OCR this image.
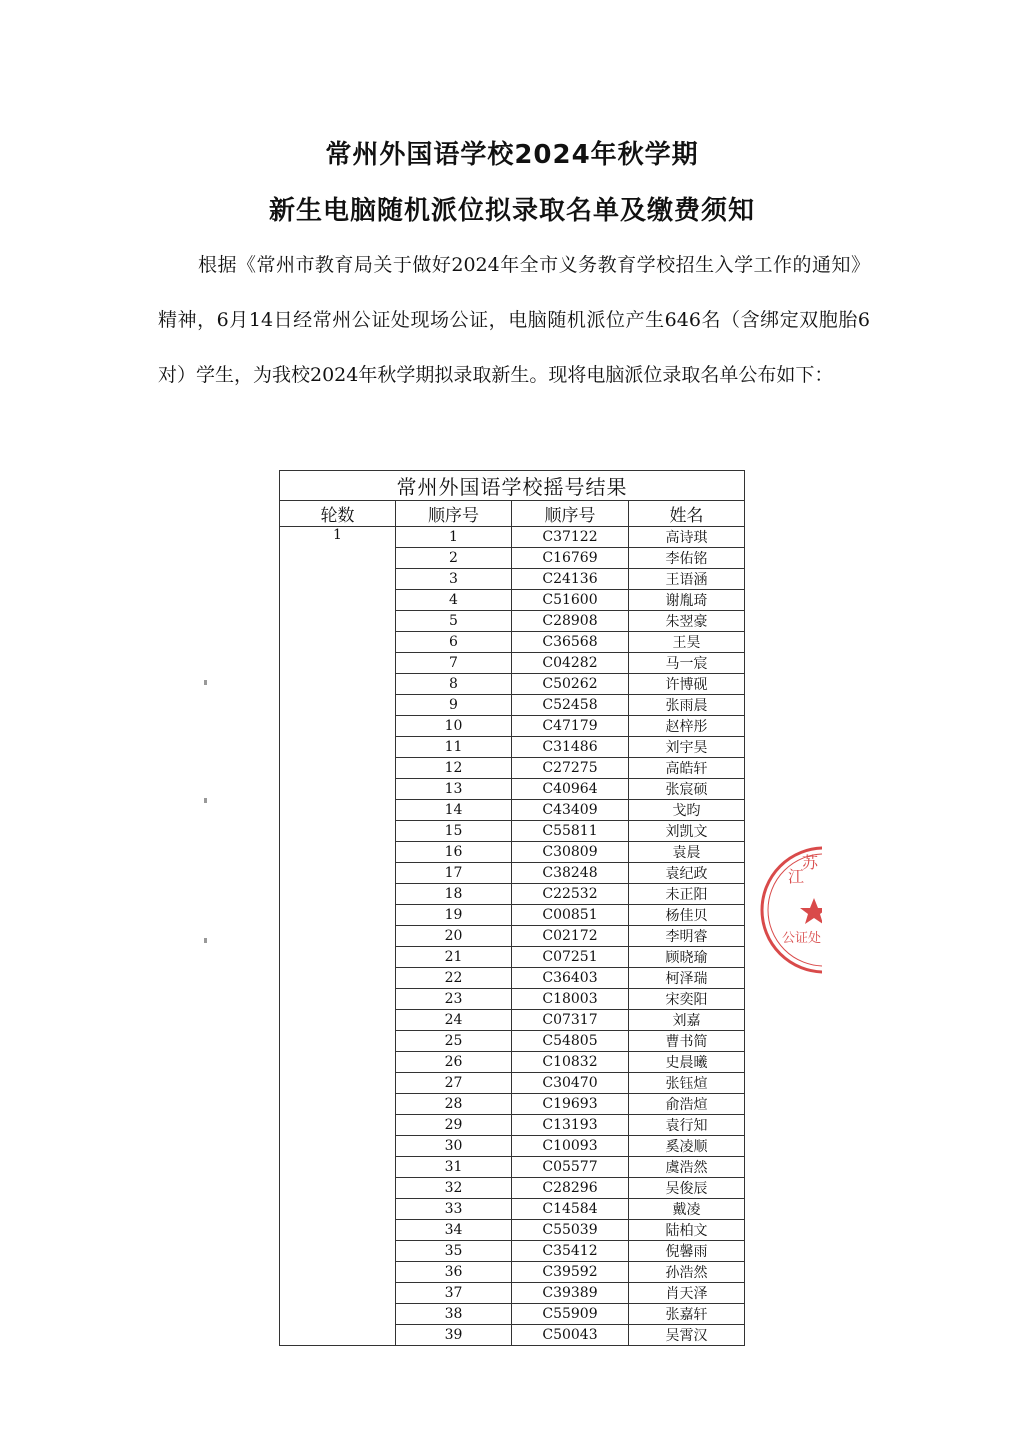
常州外国语学校2024年秋学期
新生电脑随机派位拟录取名单及缴费须知

根据《常州市教育局关于做好2024年全市义务教育学校招生入学工作的通知》精神，6月14日经常州公证处现场公证，电脑随机派位产生646名（含绑定双胞胎6对）学生，为我校2024年秋学期拟录取新生。现将电脑派位录取名单公布如下：

常州外国语学校摇号结果			
轮数	顺序号	顺序号	姓名
1	1	C37122	高诗琪
	2	C16769	李佑铭
	3	C24136	王语涵
	4	C51600	谢胤琦
	5	C28908	朱翌豪
	6	C36568	王昊
	7	C04282	马一宸
	8	C50262	许博砚
	9	C52458	张雨晨
	10	C47179	赵梓彤
	11	C31486	刘宇昊
	12	C27275	高皓轩
	13	C40964	张宸硕
	14	C43409	戈昀
	15	C55811	刘凯文
	16	C30809	袁晨
	17	C38248	袁纪政
	18	C22532	未正阳
	19	C00851	杨佳贝
	20	C02172	李明睿
	21	C07251	顾晓瑜
	22	C36403	柯泽瑞
	23	C18003	宋奕阳
	24	C07317	刘嘉
	25	C54805	曹书简
	26	C10832	史晨曦
	27	C30470	张钰煊
	28	C19693	俞浩煊
	29	C13193	袁行知
	30	C10093	奚凌顺
	31	C05577	虞浩然
	32	C28296	吴俊辰
	33	C14584	戴凌
	34	C55039	陆柏文
	35	C35412	倪馨雨
	36	C39592	孙浩然
	37	C39389	肖天泽
	38	C55909	张嘉轩
	39	C50043	吴霄汉
江
苏
公证处
